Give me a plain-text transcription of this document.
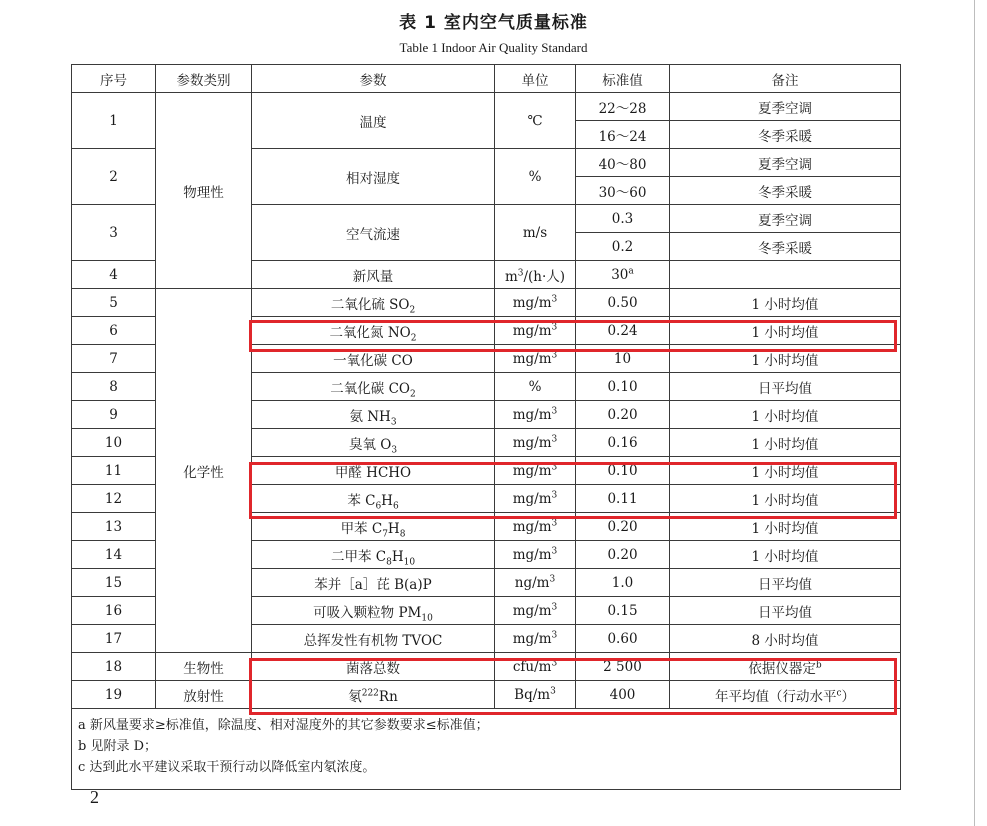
表 1 室内空气质量标准
Table 1 Indoor Air Quality Standard
序号	参数类别	参数	单位	标准值	备注
1	物理性	温度	℃	22～28	夏季空调
				16～24	冬季采暖
2		相对湿度	%	40～80	夏季空调
				30～60	冬季采暖
3		空气流速	m/s	0.3	夏季空调
				0.2	冬季采暖
4		新风量	$m^3/(h\cdot$人)	30$^a$	
5	化学性	二氧化硫 $SO_2$	$mg/m^3$	0.50	1 小时均值
6		二氧化氮 $NO_2$	$mg/m^3$	0.24	1 小时均值
7		一氧化碳 CO	$mg/m^3$	10	1 小时均值
8		二氧化碳 $CO_2$	%	0.10	日平均值
9		氨 $NH_3$	$mg/m^3$	0.20	1 小时均值
10		臭氧 $O_3$	$mg/m^3$	0.16	1 小时均值
11		甲醛 HCHO	$mg/m^3$	0.10	1 小时均值
12		苯 $C_6H_6$	$mg/m^3$	0.11	1 小时均值
13		甲苯 $C_7H_8$	$mg/m^3$	0.20	1 小时均值
14		二甲苯 $C_8H_{10}$	$mg/m^3$	0.20	1 小时均值
15		苯并［a］芘 B(a)P	$ng/m^3$	1.0	日平均值
16		可吸入颗粒物 $PM_{10}$	$mg/m^3$	0.15	日平均值
17		总挥发性有机物 TVOC	$mg/m^3$	0.60	8 小时均值
18	生物性	菌落总数	cfu/$m^3$	2 500	依据仪器定$^b$
19	放射性	氡$^{222}$Rn	$Bq/m^3$	400	年平均值（行动水平$^c$）

a 新风量要求≥标准值，除温度、相对湿度外的其它参数要求≤标准值；
b 见附录 D；
c 达到此水平建议采取干预行动以降低室内氡浓度。					
2
